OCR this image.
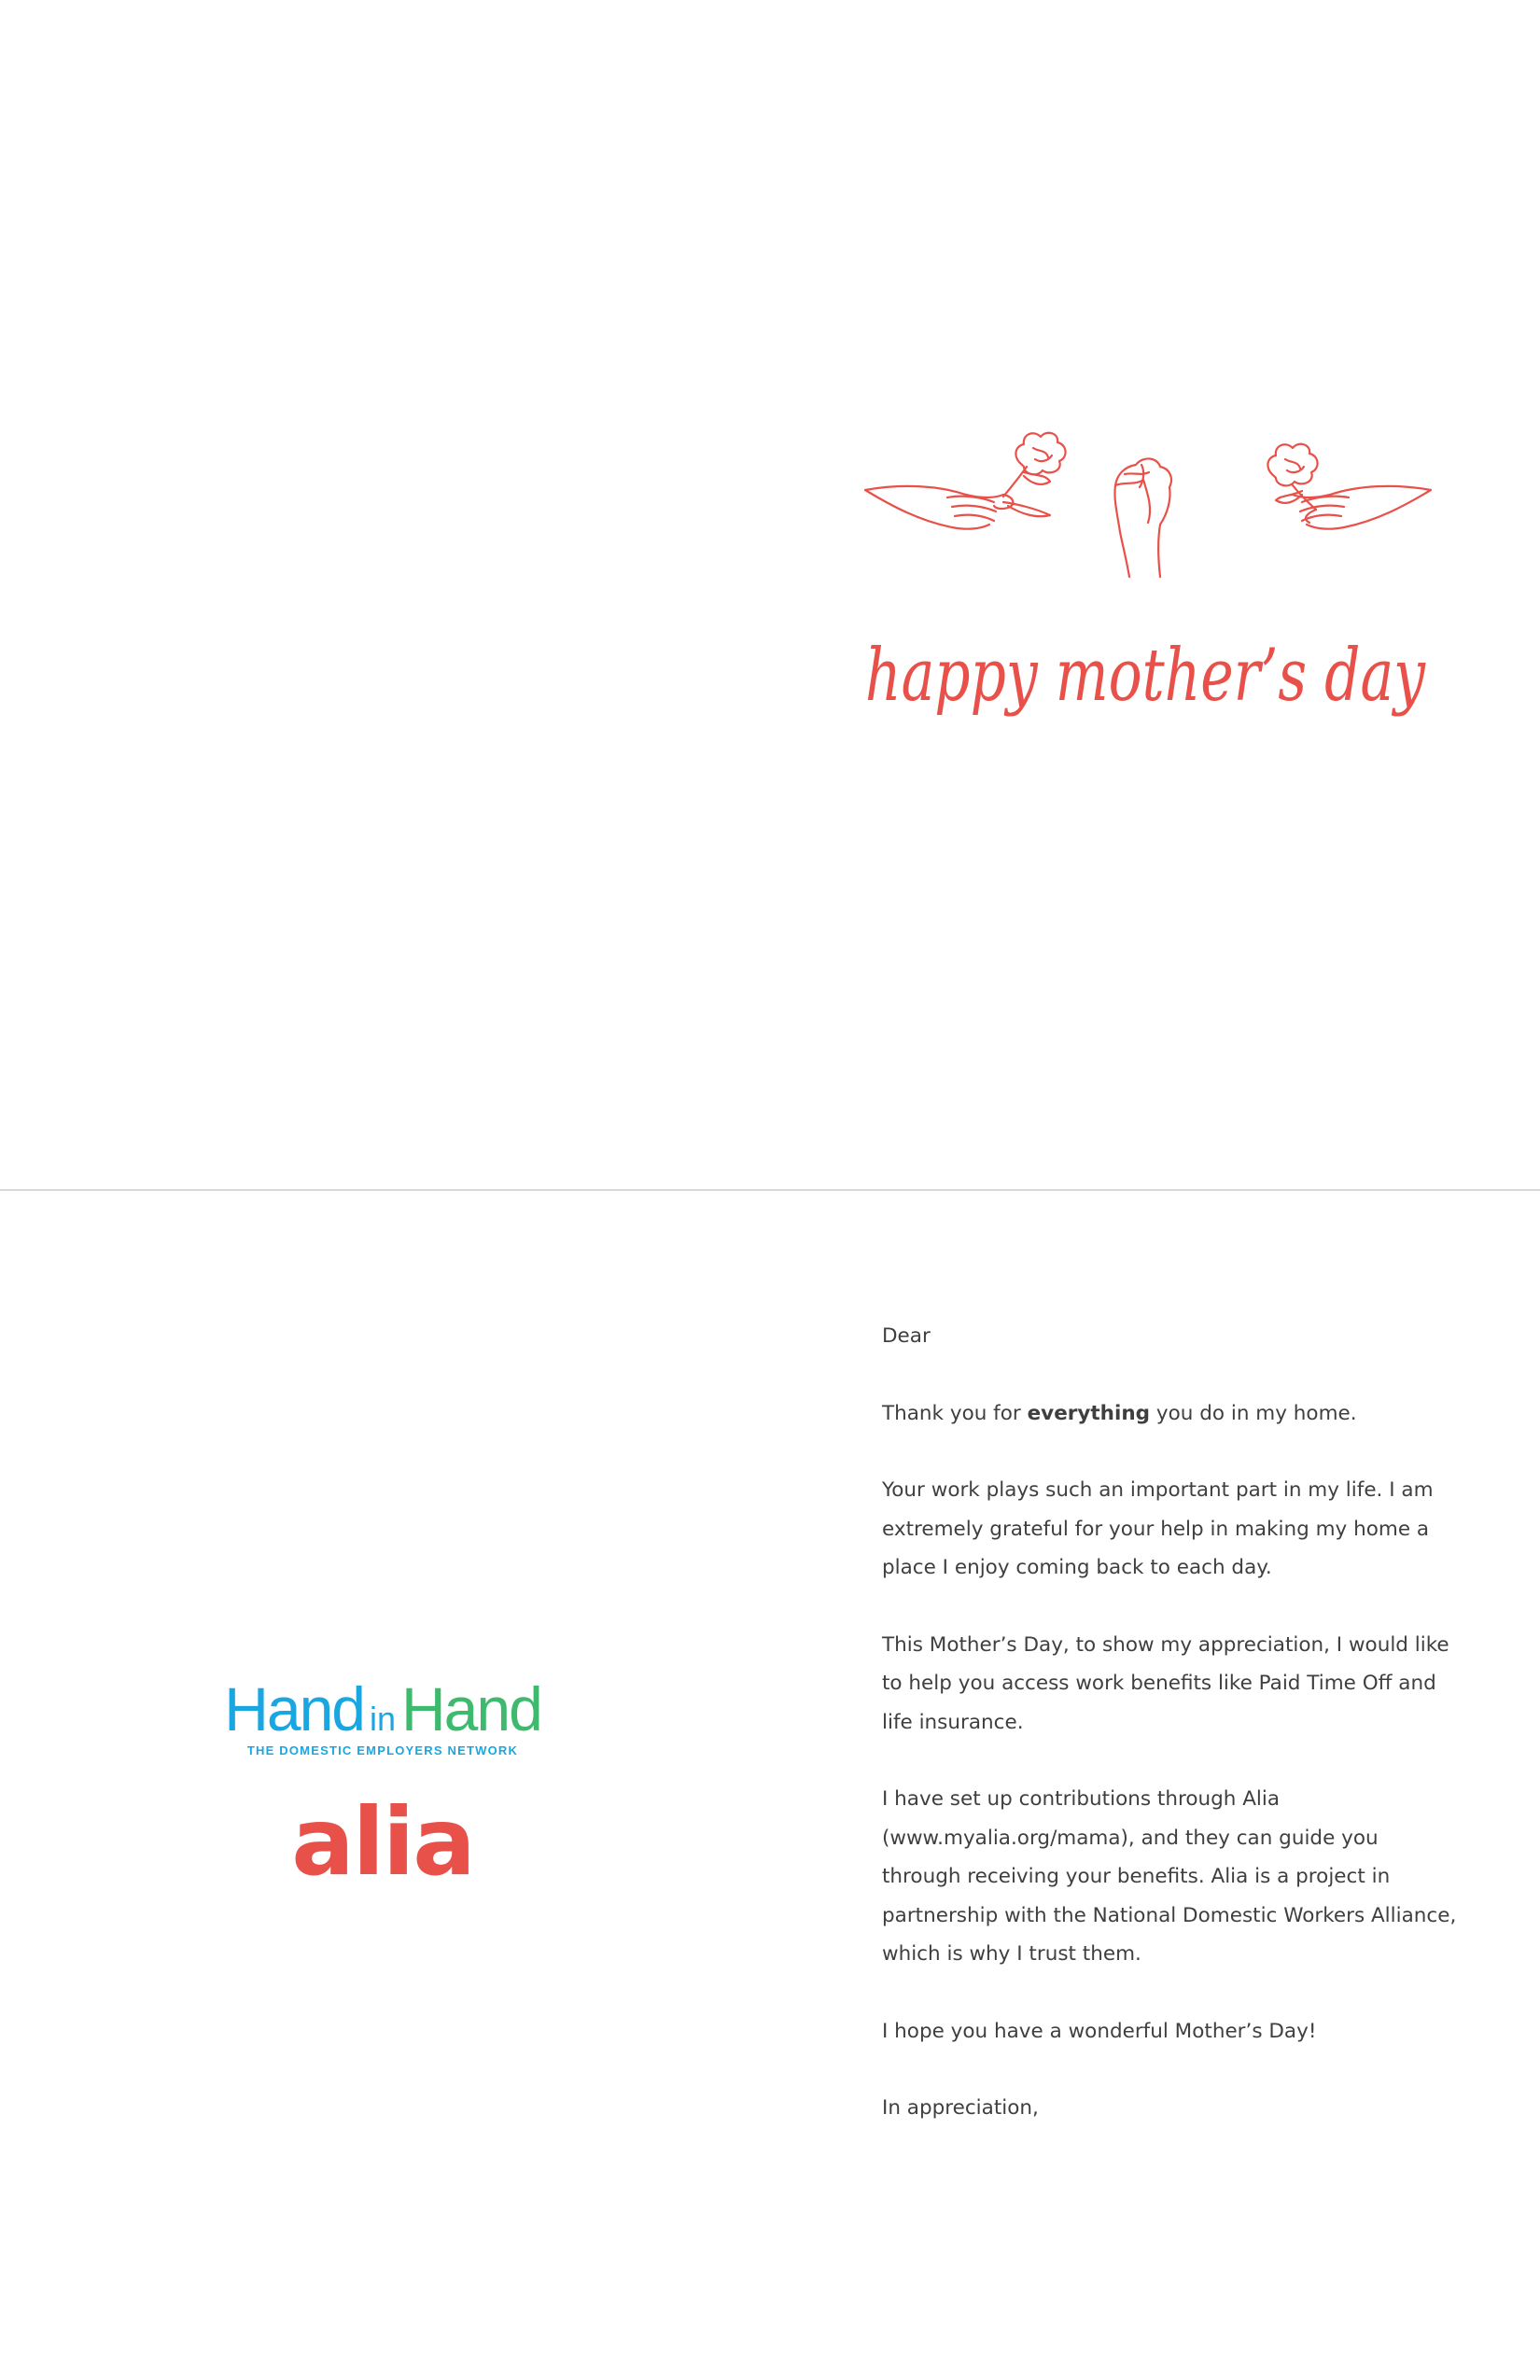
happy mother’s day
Hand inHand
THE DOMESTIC EMPLOYERS NETWORK
alia

Dear

Thank you for everything you do in my home.

Your work plays such an important part in my life. I am extremely grateful for your help in making my home a place I enjoy coming back to each day.

This Mother’s Day, to show my appreciation, I would like to help you access work benefits like Paid Time Off and life insurance.

I have set up contributions through Alia (www.myalia.org/mama), and they can guide you through receiving your benefits. Alia is a project in partnership with the National Domestic Workers Alliance, which is why I trust them.

I hope you have a wonderful Mother’s Day!

In appreciation,
